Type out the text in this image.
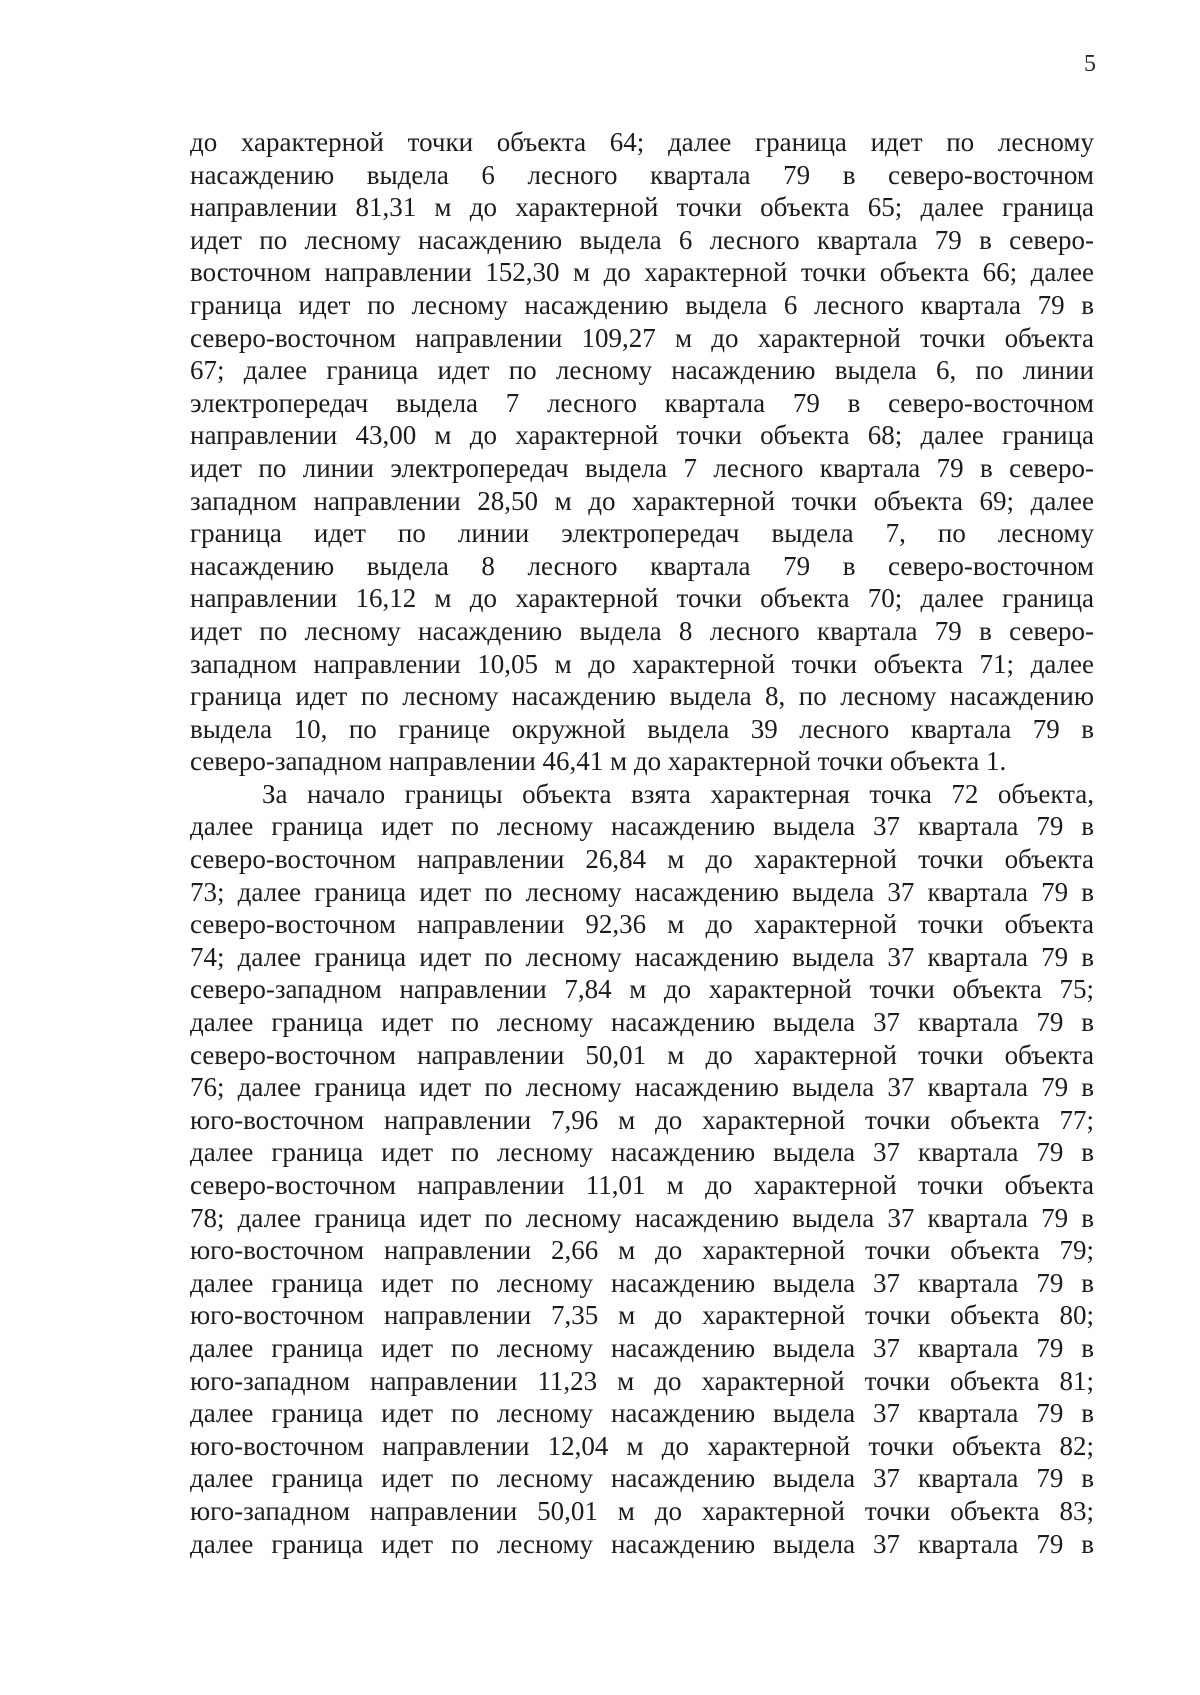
5
до характерной точки объекта 64; далее граница идет по лесному
насаждению выдела 6 лесного квартала 79 в северо-восточном
направлении 81,31 м до характерной точки объекта 65; далее граница
идет по лесному насаждению выдела 6 лесного квартала 79 в северо-
восточном направлении 152,30 м до характерной точки объекта 66; далее
граница идет по лесному насаждению выдела 6 лесного квартала 79 в
северо-восточном направлении 109,27 м до характерной точки объекта
67; далее граница идет по лесному насаждению выдела 6, по линии
электропередач выдела 7 лесного квартала 79 в северо-восточном
направлении 43,00 м до характерной точки объекта 68; далее граница
идет по линии электропередач выдела 7 лесного квартала 79 в северо-
западном направлении 28,50 м до характерной точки объекта 69; далее
граница идет по линии электропередач выдела 7, по лесному
насаждению выдела 8 лесного квартала 79 в северо-восточном
направлении 16,12 м до характерной точки объекта 70; далее граница
идет по лесному насаждению выдела 8 лесного квартала 79 в северо-
западном направлении 10,05 м до характерной точки объекта 71; далее
граница идет по лесному насаждению выдела 8, по лесному насаждению
выдела 10, по границе окружной выдела 39 лесного квартала 79 в
северо-западном направлении 46,41 м до характерной точки объекта 1.
За начало границы объекта взята характерная точка 72 объекта,
далее граница идет по лесному насаждению выдела 37 квартала 79 в
северо-восточном направлении 26,84 м до характерной точки объекта
73; далее граница идет по лесному насаждению выдела 37 квартала 79 в
северо-восточном направлении 92,36 м до характерной точки объекта
74; далее граница идет по лесному насаждению выдела 37 квартала 79 в
северо-западном направлении 7,84 м до характерной точки объекта 75;
далее граница идет по лесному насаждению выдела 37 квартала 79 в
северо-восточном направлении 50,01 м до характерной точки объекта
76; далее граница идет по лесному насаждению выдела 37 квартала 79 в
юго-восточном направлении 7,96 м до характерной точки объекта 77;
далее граница идет по лесному насаждению выдела 37 квартала 79 в
северо-восточном направлении 11,01 м до характерной точки объекта
78; далее граница идет по лесному насаждению выдела 37 квартала 79 в
юго-восточном направлении 2,66 м до характерной точки объекта 79;
далее граница идет по лесному насаждению выдела 37 квартала 79 в
юго-восточном направлении 7,35 м до характерной точки объекта 80;
далее граница идет по лесному насаждению выдела 37 квартала 79 в
юго-западном направлении 11,23 м до характерной точки объекта 81;
далее граница идет по лесному насаждению выдела 37 квартала 79 в
юго-восточном направлении 12,04 м до характерной точки объекта 82;
далее граница идет по лесному насаждению выдела 37 квартала 79 в
юго-западном направлении 50,01 м до характерной точки объекта 83;
далее граница идет по лесному насаждению выдела 37 квартала 79 в
